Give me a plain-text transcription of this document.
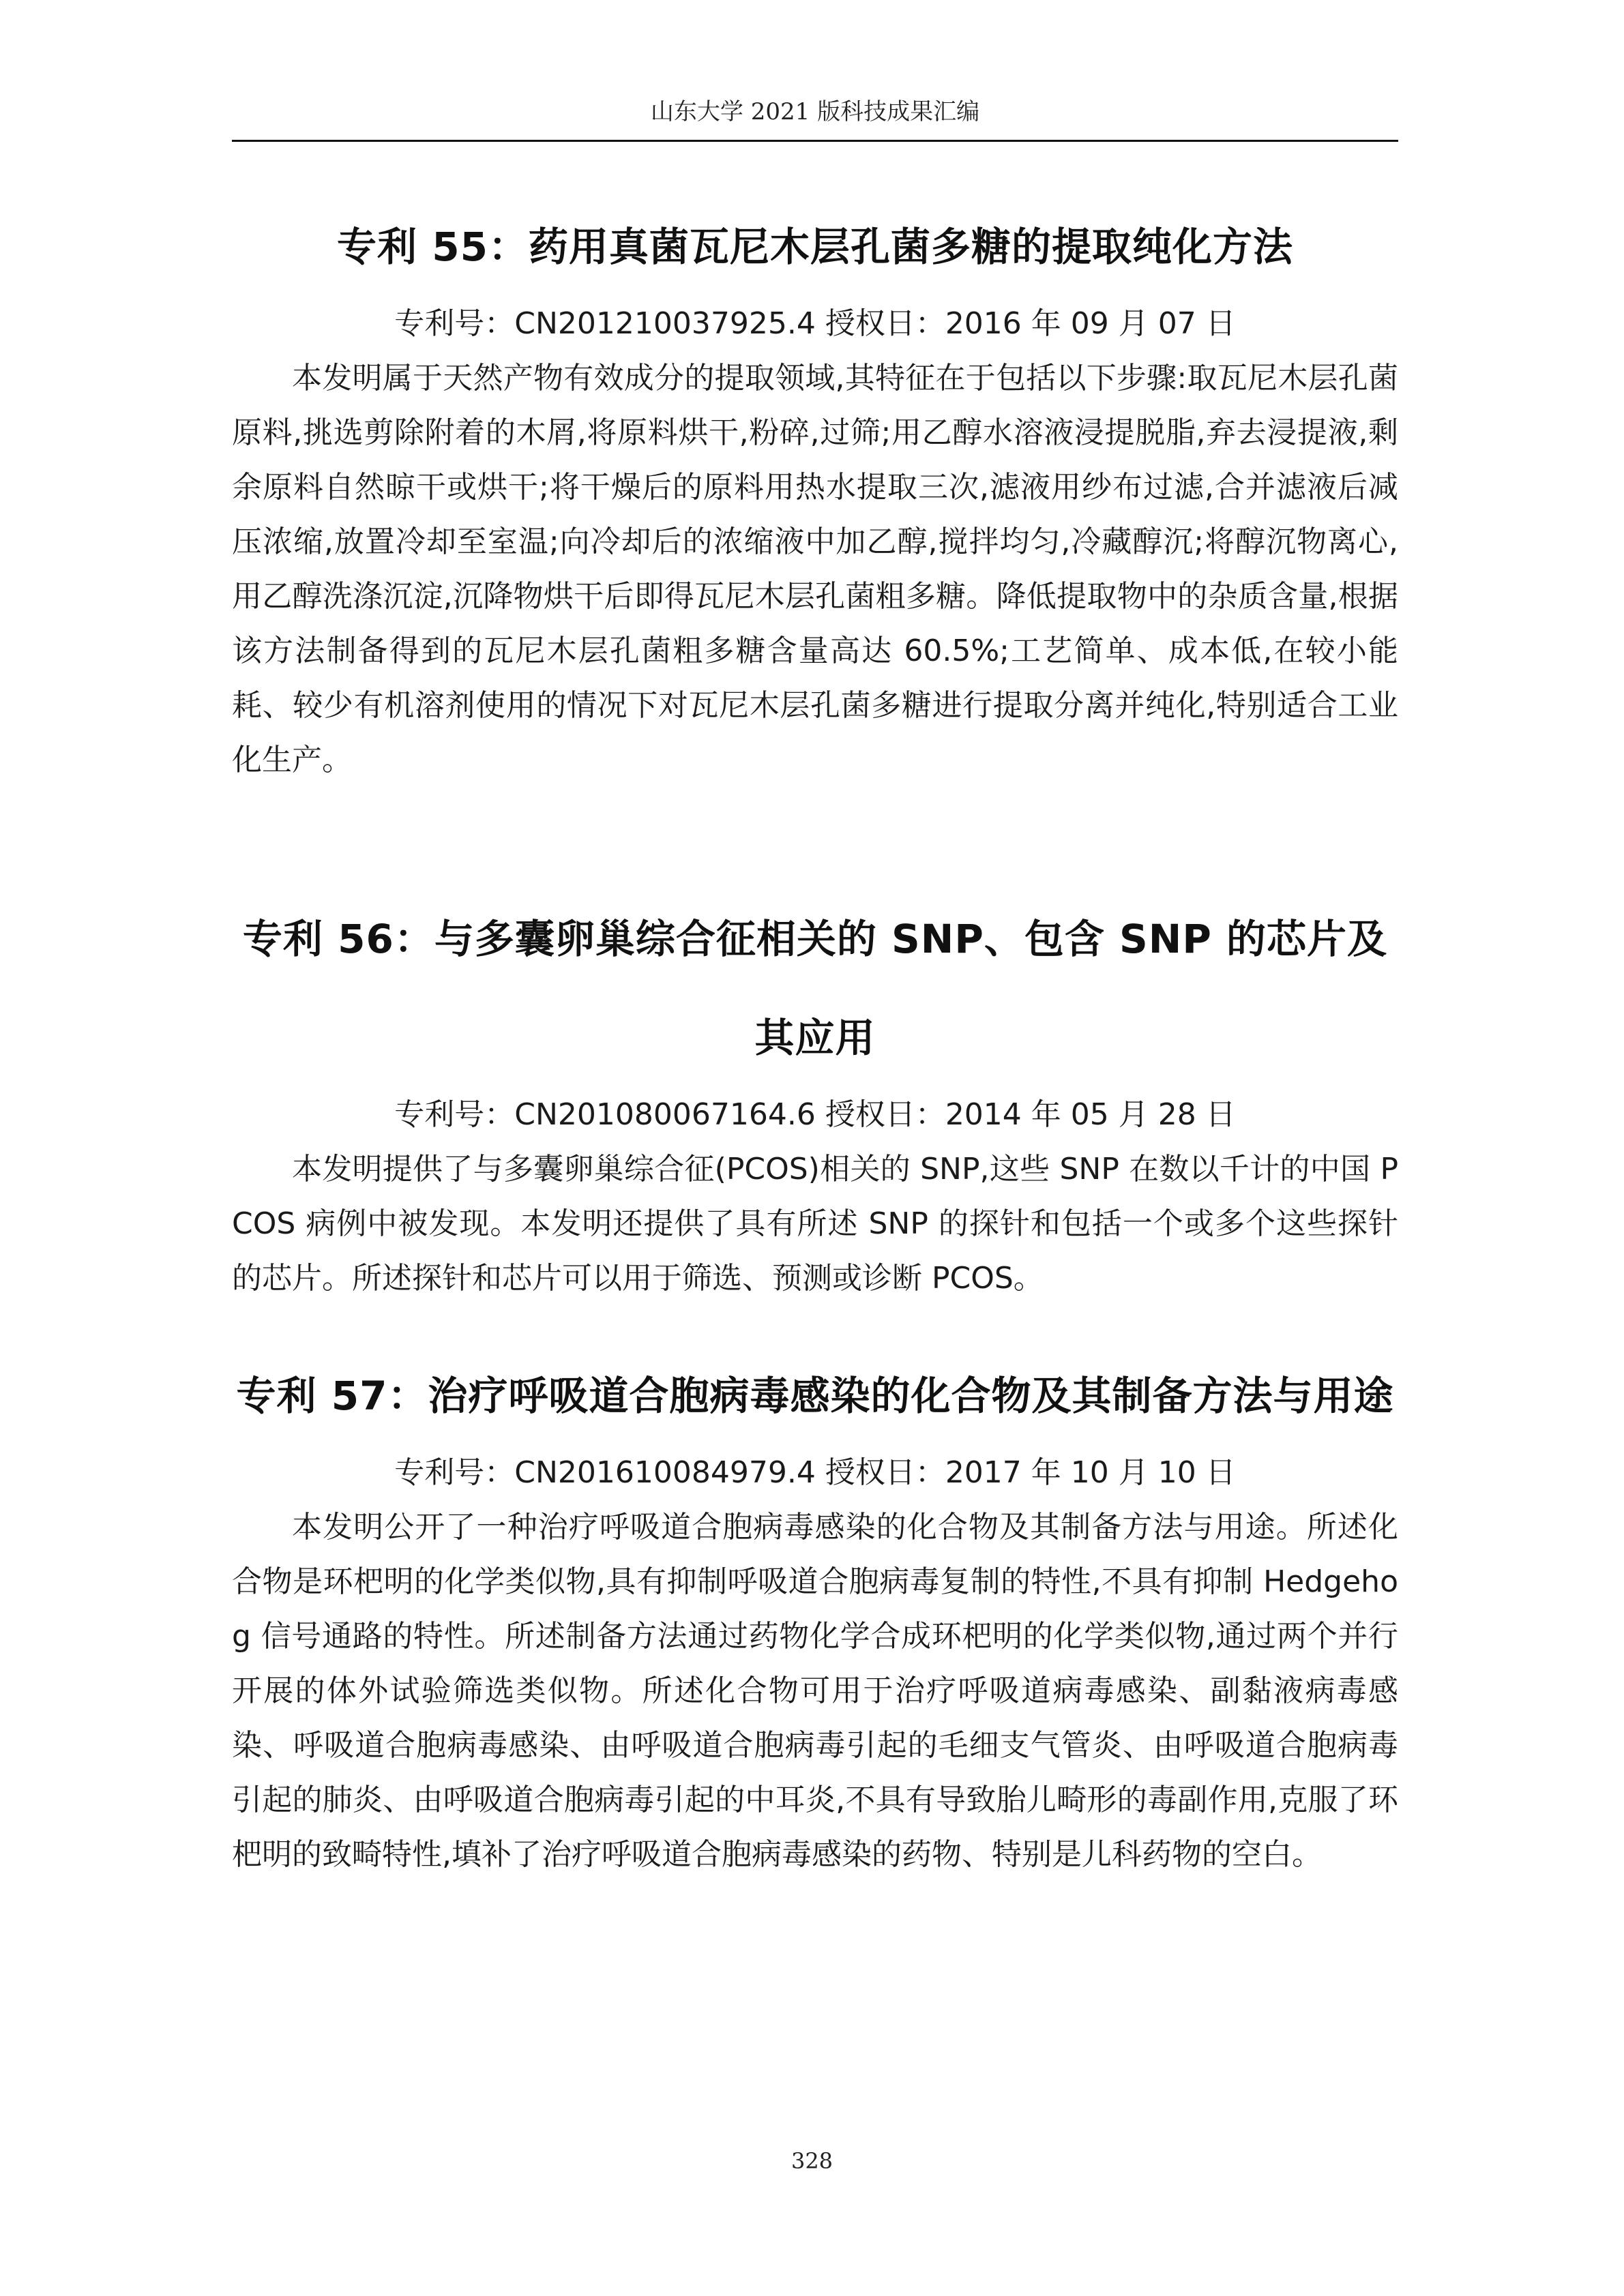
山东大学 2021 版科技成果汇编
专利 55：药用真菌瓦尼木层孔菌多糖的提取纯化方法

专利号：CN201210037925.4 授权日：2016 年 09 月 07 日

本发明属于天然产物有效成分的提取领域,其特征在于包括以下步骤:取瓦尼木层孔菌原料,挑选剪除附着的木屑,将原料烘干,粉碎,过筛;用乙醇水溶液浸提脱脂,弃去浸提液,剩余原料自然晾干或烘干;将干燥后的原料用热水提取三次,滤液用纱布过滤,合并滤液后减压浓缩,放置冷却至室温;向冷却后的浓缩液中加乙醇,搅拌均匀,冷藏醇沉;将醇沉物离心,用乙醇洗涤沉淀,沉降物烘干后即得瓦尼木层孔菌粗多糖。降低提取物中的杂质含量,根据该方法制备得到的瓦尼木层孔菌粗多糖含量高达 60.5%;工艺简单、成本低,在较小能耗、较少有机溶剂使用的情况下对瓦尼木层孔菌多糖进行提取分离并纯化,特别适合工业化生产。

专利 56：与多囊卵巢综合征相关的 SNP、包含 SNP 的芯片及其应用

专利号：CN201080067164.6 授权日：2014 年 05 月 28 日

本发明提供了与多囊卵巢综合征(PCOS)相关的 SNP,这些 SNP 在数以千计的中国 PCOS 病例中被发现。本发明还提供了具有所述 SNP 的探针和包括一个或多个这些探针的芯片。所述探针和芯片可以用于筛选、预测或诊断 PCOS。

专利 57：治疗呼吸道合胞病毒感染的化合物及其制备方法与用途

专利号：CN201610084979.4 授权日：2017 年 10 月 10 日

本发明公开了一种治疗呼吸道合胞病毒感染的化合物及其制备方法与用途。所述化合物是环杷明的化学类似物,具有抑制呼吸道合胞病毒复制的特性,不具有抑制 Hedgehog 信号通路的特性。所述制备方法通过药物化学合成环杷明的化学类似物,通过两个并行开展的体外试验筛选类似物。所述化合物可用于治疗呼吸道病毒感染、副黏液病毒感染、呼吸道合胞病毒感染、由呼吸道合胞病毒引起的毛细支气管炎、由呼吸道合胞病毒引起的肺炎、由呼吸道合胞病毒引起的中耳炎,不具有导致胎儿畸形的毒副作用,克服了环杷明的致畸特性,填补了治疗呼吸道合胞病毒感染的药物、特别是儿科药物的空白。

328
